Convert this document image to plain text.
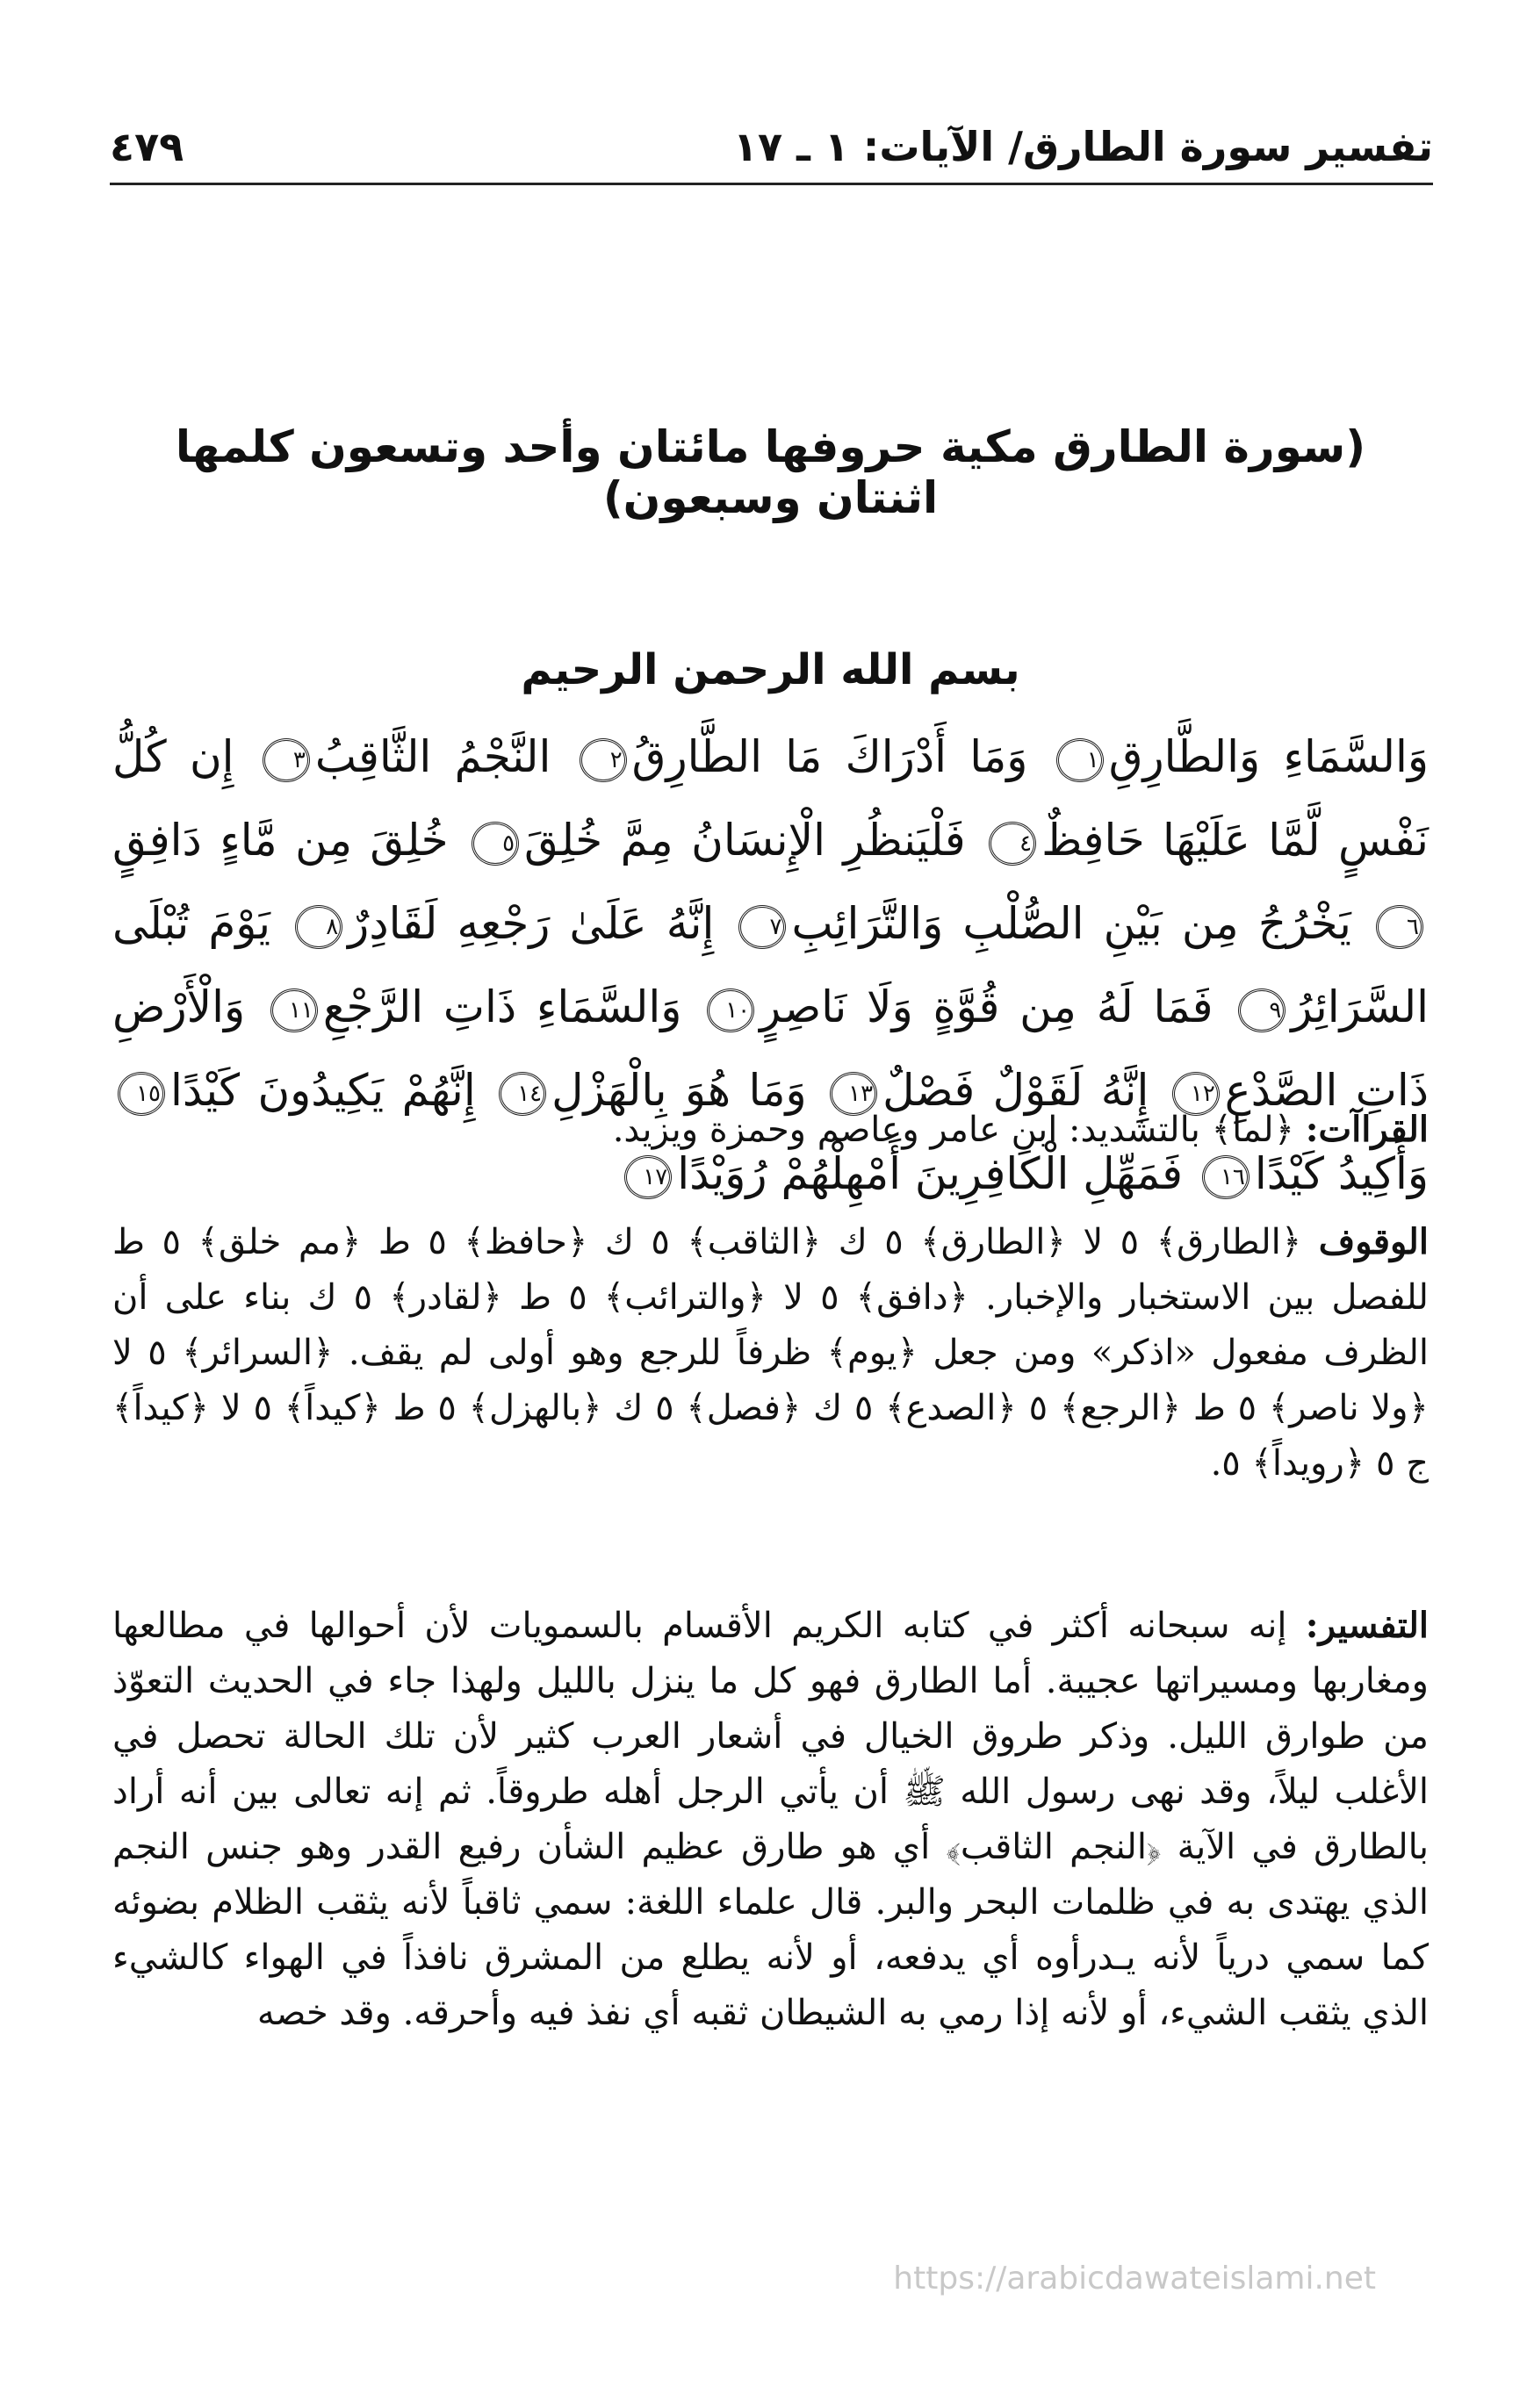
تفسير سورة الطارق/ الآيات: ١ ـ ١٧
٤٧٩
(سورة الطارق مكية حروفها مائتان وأحد وتسعون كلمها اثنتان وسبعون)
بسم الله الرحمن الرحيم
وَالسَّمَاءِ وَالطَّارِقِ١ وَمَا أَدْرَاكَ مَا الطَّارِقُ٢ النَّجْمُ الثَّاقِبُ٣ إِن كُلُّ نَفْسٍ لَّمَّا عَلَيْهَا حَافِظٌ٤ فَلْيَنظُرِ الْإِنسَانُ مِمَّ خُلِقَ٥ خُلِقَ مِن مَّاءٍ دَافِقٍ٦ يَخْرُجُ مِن بَيْنِ الصُّلْبِ وَالتَّرَائِبِ٧ إِنَّهُ عَلَىٰ رَجْعِهِ لَقَادِرٌ٨ يَوْمَ تُبْلَى السَّرَائِرُ٩ فَمَا لَهُ مِن قُوَّةٍ وَلَا نَاصِرٍ١٠ وَالسَّمَاءِ ذَاتِ الرَّجْعِ١١ وَالْأَرْضِ ذَاتِ الصَّدْعِ١٢ إِنَّهُ لَقَوْلٌ فَصْلٌ١٣ وَمَا هُوَ بِالْهَزْلِ١٤ إِنَّهُمْ يَكِيدُونَ كَيْدًا١٥ وَأَكِيدُ كَيْدًا١٦ فَمَهِّلِ الْكَافِرِينَ أَمْهِلْهُمْ رُوَيْدًا١٧
القراآت: ﴿لما﴾ بالتشديد: ابن عامر وعاصم وحمزة ويزيد.
الوقوف ﴿الطارق﴾ ٥ لا ﴿الطارق﴾ ٥ ك ﴿الثاقب﴾ ٥ ك ﴿حافظ﴾ ٥ ط ﴿مم خلق﴾ ٥ ط للفصل بين الاستخبار والإخبار. ﴿دافق﴾ ٥ لا ﴿والترائب﴾ ٥ ط ﴿لقادر﴾ ٥ ك بناء على أن الظرف مفعول «اذكر» ومن جعل ﴿يوم﴾ ظرفاً للرجع وهو أولى لم يقف. ﴿السرائر﴾ ٥ لا ﴿ولا ناصر﴾ ٥ ط ﴿الرجع﴾ ٥ ﴿الصدع﴾ ٥ ك ﴿فصل﴾ ٥ ك ﴿بالهزل﴾ ٥ ط ﴿كيداً﴾ ٥ لا ﴿كيداً﴾ ج ٥ ﴿رويداً﴾ ٥.
التفسير: إنه سبحانه أكثر في كتابه الكريم الأقسام بالسمويات لأن أحوالها في مطالعها ومغاربها ومسيراتها عجيبة. أما الطارق فهو كل ما ينزل بالليل ولهذا جاء في الحديث التعوّذ من طوارق الليل. وذكر طروق الخيال في أشعار العرب كثير لأن تلك الحالة تحصل في الأغلب ليلاً، وقد نهى رسول الله ﷺ أن يأتي الرجل أهله طروقاً. ثم إنه تعالى بين أنه أراد بالطارق في الآية ﴿النجم الثاقب﴾ أي هو طارق عظيم الشأن رفيع القدر وهو جنس النجم الذي يهتدى به في ظلمات البحر والبر. قال علماء اللغة: سمي ثاقباً لأنه يثقب الظلام بضوئه كما سمي درياً لأنه يـدرأوه أي يدفعه، أو لأنه يطلع من المشرق نافذاً في الهواء كالشيء الذي يثقب الشيء، أو لأنه إذا رمي به الشيطان ثقبه أي نفذ فيه وأحرقه. وقد خصه
https://arabicdawateislami.net
